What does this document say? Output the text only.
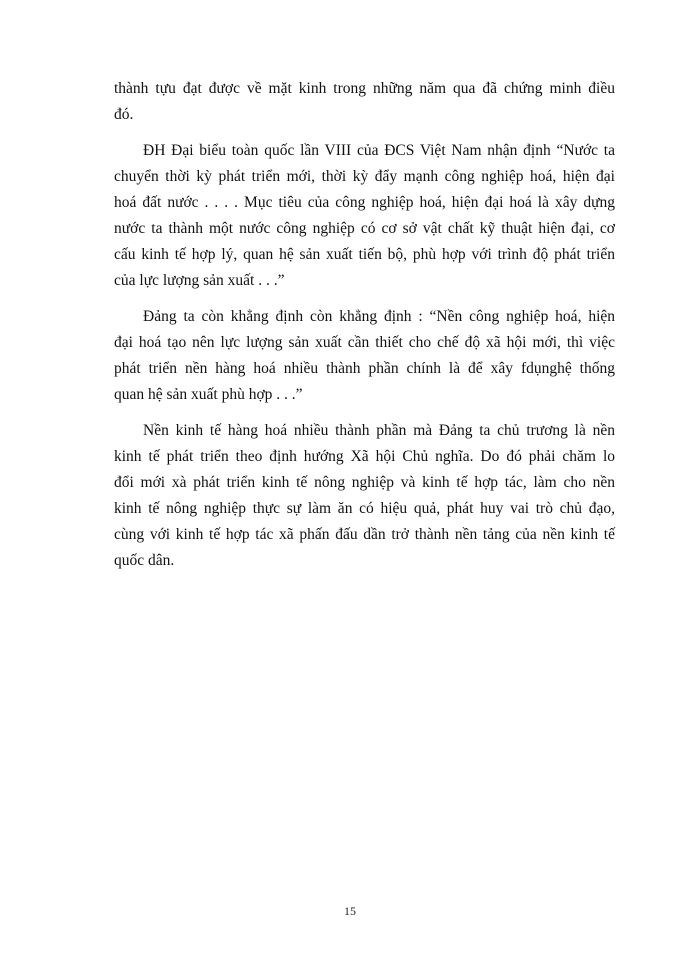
thành tựu đạt được về mặt kinh trong những năm qua đã chứng minh điều
đó.
ĐH Đại biểu toàn quốc lần VIII của ĐCS Việt Nam nhận định “Nước ta
chuyển thời kỳ phát triển mới, thời kỳ đẩy mạnh công nghiệp hoá, hiện đại
hoá đất nước . . . . Mục tiêu của công nghiệp hoá, hiện đại hoá là xây dựng
nước ta thành một nước công nghiệp có cơ sở vật chất kỹ thuật hiện đại, cơ
cấu kinh tế hợp lý, quan hệ sản xuất tiến bộ, phù hợp với trình độ phát triển
của lực lượng sản xuất . . .”
Đảng ta còn khẳng định còn khẳng định : “Nền công nghiệp hoá, hiện
đại hoá tạo nên lực lượng sản xuất cần thiết cho chế độ xã hội mới, thì việc
phát triển nền hàng hoá nhiều thành phần chính là để xây fdụnghệ thống
quan hệ sản xuất phù hợp . . .”
Nền kinh tế hàng hoá nhiều thành phần mà Đảng ta chủ trương là nền
kinh tế phát triển theo định hướng Xã hội Chủ nghĩa. Do đó phải chăm lo
đổi mới xà phát triển kinh tế nông nghiệp và kinh tế hợp tác, làm cho nền
kinh tế nông nghiệp thực sự làm ăn có hiệu quả, phát huy vai trò chủ đạo,
cùng với kinh tế hợp tác xã phấn đấu dần trở thành nền tảng của nền kinh tế
quốc dân.
15
